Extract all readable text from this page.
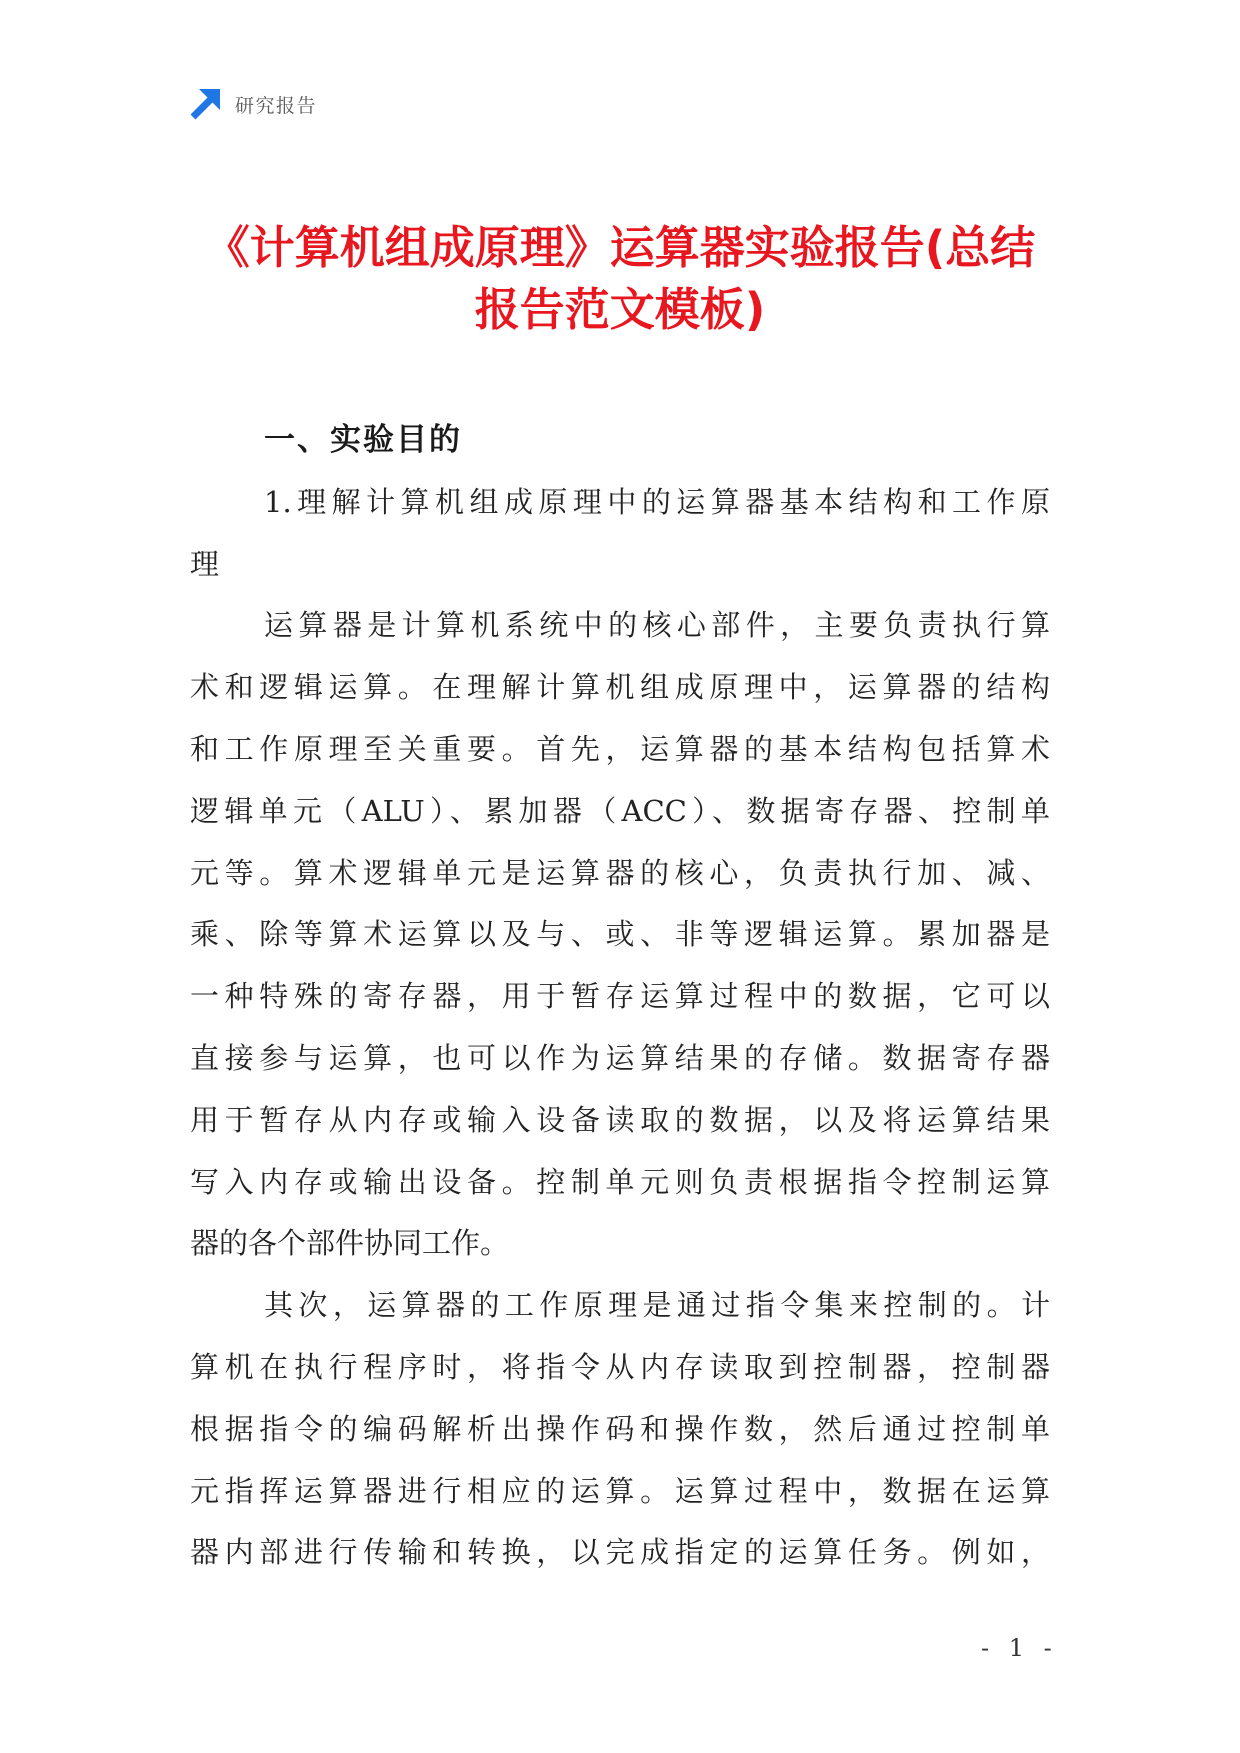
研究报告
《计算机组成原理》运算器实验报告(总结
报告范文模板)
一、实验目的
1.理解计算机组成原理中的运算器基本结构和工作原
理
运算器是计算机系统中的核心部件，主要负责执行算
术和逻辑运算。在理解计算机组成原理中，运算器的结构
和工作原理至关重要。首先，运算器的基本结构包括算术
逻辑单元（ALU）、累加器（ACC）、数据寄存器、控制单
元等。算术逻辑单元是运算器的核心，负责执行加、减、
乘、除等算术运算以及与、或、非等逻辑运算。累加器是
一种特殊的寄存器，用于暂存运算过程中的数据，它可以
直接参与运算，也可以作为运算结果的存储。数据寄存器
用于暂存从内存或输入设备读取的数据，以及将运算结果
写入内存或输出设备。控制单元则负责根据指令控制运算
器的各个部件协同工作。
其次，运算器的工作原理是通过指令集来控制的。计
算机在执行程序时，将指令从内存读取到控制器，控制器
根据指令的编码解析出操作码和操作数，然后通过控制单
元指挥运算器进行相应的运算。运算过程中，数据在运算
器内部进行传输和转换，以完成指定的运算任务。例如，
- 1 -
